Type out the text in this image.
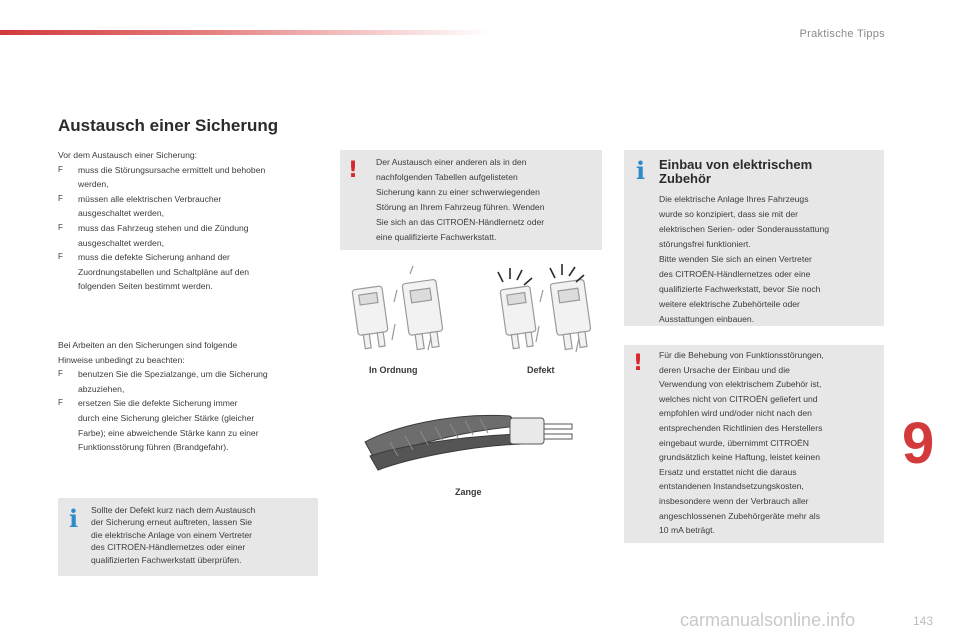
Praktische Tipps
Austausch einer Sicherung
Vor dem Austausch einer Sicherung:
F muss die Störungsursache ermittelt und behoben
werden,
F müssen alle elektrischen Verbraucher
ausgeschaltet werden,
F muss das Fahrzeug stehen und die Zündung
ausgeschaltet werden,
F muss die defekte Sicherung anhand der
Zuordnungstabellen und Schaltpläne auf den
folgenden Seiten bestimmt werden.
Bei Arbeiten an den Sicherungen sind folgende
Hinweise unbedingt zu beachten:
F benutzen Sie die Spezialzange, um die Sicherung
abzuziehen,
F ersetzen Sie die defekte Sicherung immer
durch eine Sicherung gleicher Stärke (gleicher
Farbe); eine abweichende Stärke kann zu einer
Funktionsstörung führen (Brandgefahr).
i Sollte der Defekt kurz nach dem Austausch
der Sicherung erneut auftreten, lassen Sie
die elektrische Anlage von einem Vertreter
des CITROËN-Händlernetzes oder einer
qualifizierten Fachwerkstatt überprüfen.
! Der Austausch einer anderen als in den
nachfolgenden Tabellen aufgelisteten
Sicherung kann zu einer schwerwiegenden
Störung an Ihrem Fahrzeug führen. Wenden
Sie sich an das CITROËN-Händlernetz oder
eine qualifizierte Fachwerkstatt.
In Ordnung	Defekt
Zange
i Einbau von elektrischem
Zubehör
Die elektrische Anlage Ihres Fahrzeugs
wurde so konzipiert, dass sie mit der
elektrischen Serien- oder Sonderausstattung
störungsfrei funktioniert.
Bitte wenden Sie sich an einen Vertreter
des CITROËN-Händlernetzes oder eine
qualifizierte Fachwerkstatt, bevor Sie noch
weitere elektrische Zubehörteile oder
Ausstattungen einbauen.
! Für die Behebung von Funktionsstörungen,
deren Ursache der Einbau und die
Verwendung von elektrischem Zubehör ist,
welches nicht von CITROËN geliefert und
empfohlen wird und/oder nicht nach den
entsprechenden Richtlinien des Herstellers
eingebaut wurde, übernimmt CITROËN
grundsätzlich keine Haftung, leistet keinen
Ersatz und erstattet nicht die daraus
entstandenen Instandsetzungskosten,
insbesondere wenn der Verbrauch aller
angeschlossenen Zubehörgeräte mehr als
10 mA beträgt.
9
carmanualsonline.info	143
